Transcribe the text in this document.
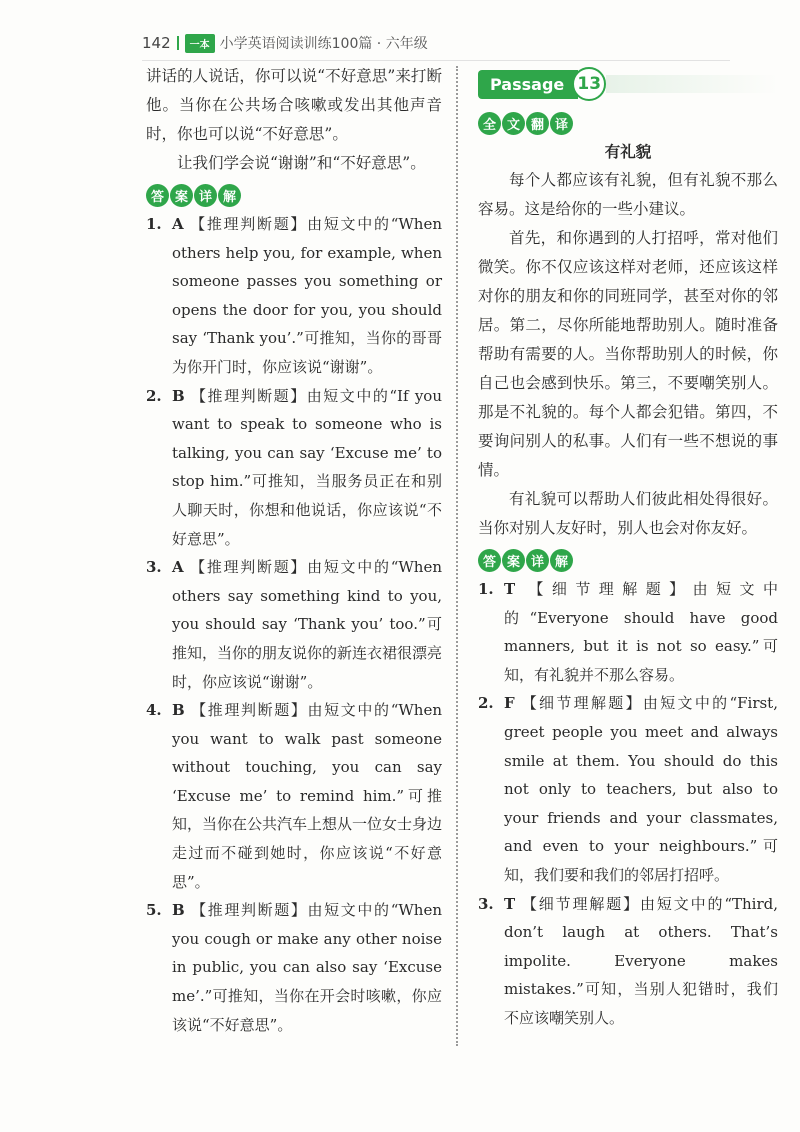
142	一本 小学英语阅读训练100篇 · 六年级

讲话的人说话，你可以说“不好意思”来打断他。当你在公共场合咳嗽或发出其他声音时，你也可以说“不好意思”。

让我们学会说“谢谢”和“不好意思”。

答 案 详 解
1. A 【推理判断题】由短文中的“When others help you, for example, when someone passes you something or opens the door for you, you should say ‘Thank you’.”可推知，当你的哥哥为你开门时，你应该说“谢谢”。
2. B 【推理判断题】由短文中的“If you want to speak to someone who is talking, you can say ‘Excuse me’ to stop him.”可推知，当服务员正在和别人聊天时，你想和他说话，你应该说“不好意思”。
3. A 【推理判断题】由短文中的“When others say something kind to you, you should say ‘Thank you’ too.”可推知，当你的朋友说你的新连衣裙很漂亮时，你应该说“谢谢”。
4. B 【推理判断题】由短文中的“When you want to walk past someone without touching, you can say ‘Excuse me’ to remind him.”可推知，当你在公共汽车上想从一位女士身边走过而不碰到她时，你应该说“不好意思”。
5. B 【推理判断题】由短文中的“When you cough or make any other noise in public, you can also say ‘Excuse me’.”可推知，当你在开会时咳嗽，你应该说“不好意思”。
Passage 13
全 文 翻 译

有礼貌

每个人都应该有礼貌，但有礼貌不那么容易。这是给你的一些小建议。

首先，和你遇到的人打招呼，常对他们微笑。你不仅应该这样对老师，还应该这样对你的朋友和你的同班同学，甚至对你的邻居。第二，尽你所能地帮助别人。随时准备帮助有需要的人。当你帮助别人的时候，你自己也会感到快乐。第三，不要嘲笑别人。那是不礼貌的。每个人都会犯错。第四，不要询问别人的私事。人们有一些不想说的事情。

有礼貌可以帮助人们彼此相处得很好。当你对别人友好时，别人也会对你友好。

答 案 详 解
1. T 【细节理解题】由短文中的“Everyone should have good manners, but it is not so easy.”可知，有礼貌并不那么容易。
2. F 【细节理解题】由短文中的“First, greet people you meet and always smile at them. You should do this not only to teachers, but also to your friends and your classmates, and even to your neighbours.”可知，我们要和我们的邻居打招呼。
3. T 【细节理解题】由短文中的“Third, don’t laugh at others. That’s impolite. Everyone makes mistakes.”可知，当别人犯错时，我们不应该嘲笑别人。
